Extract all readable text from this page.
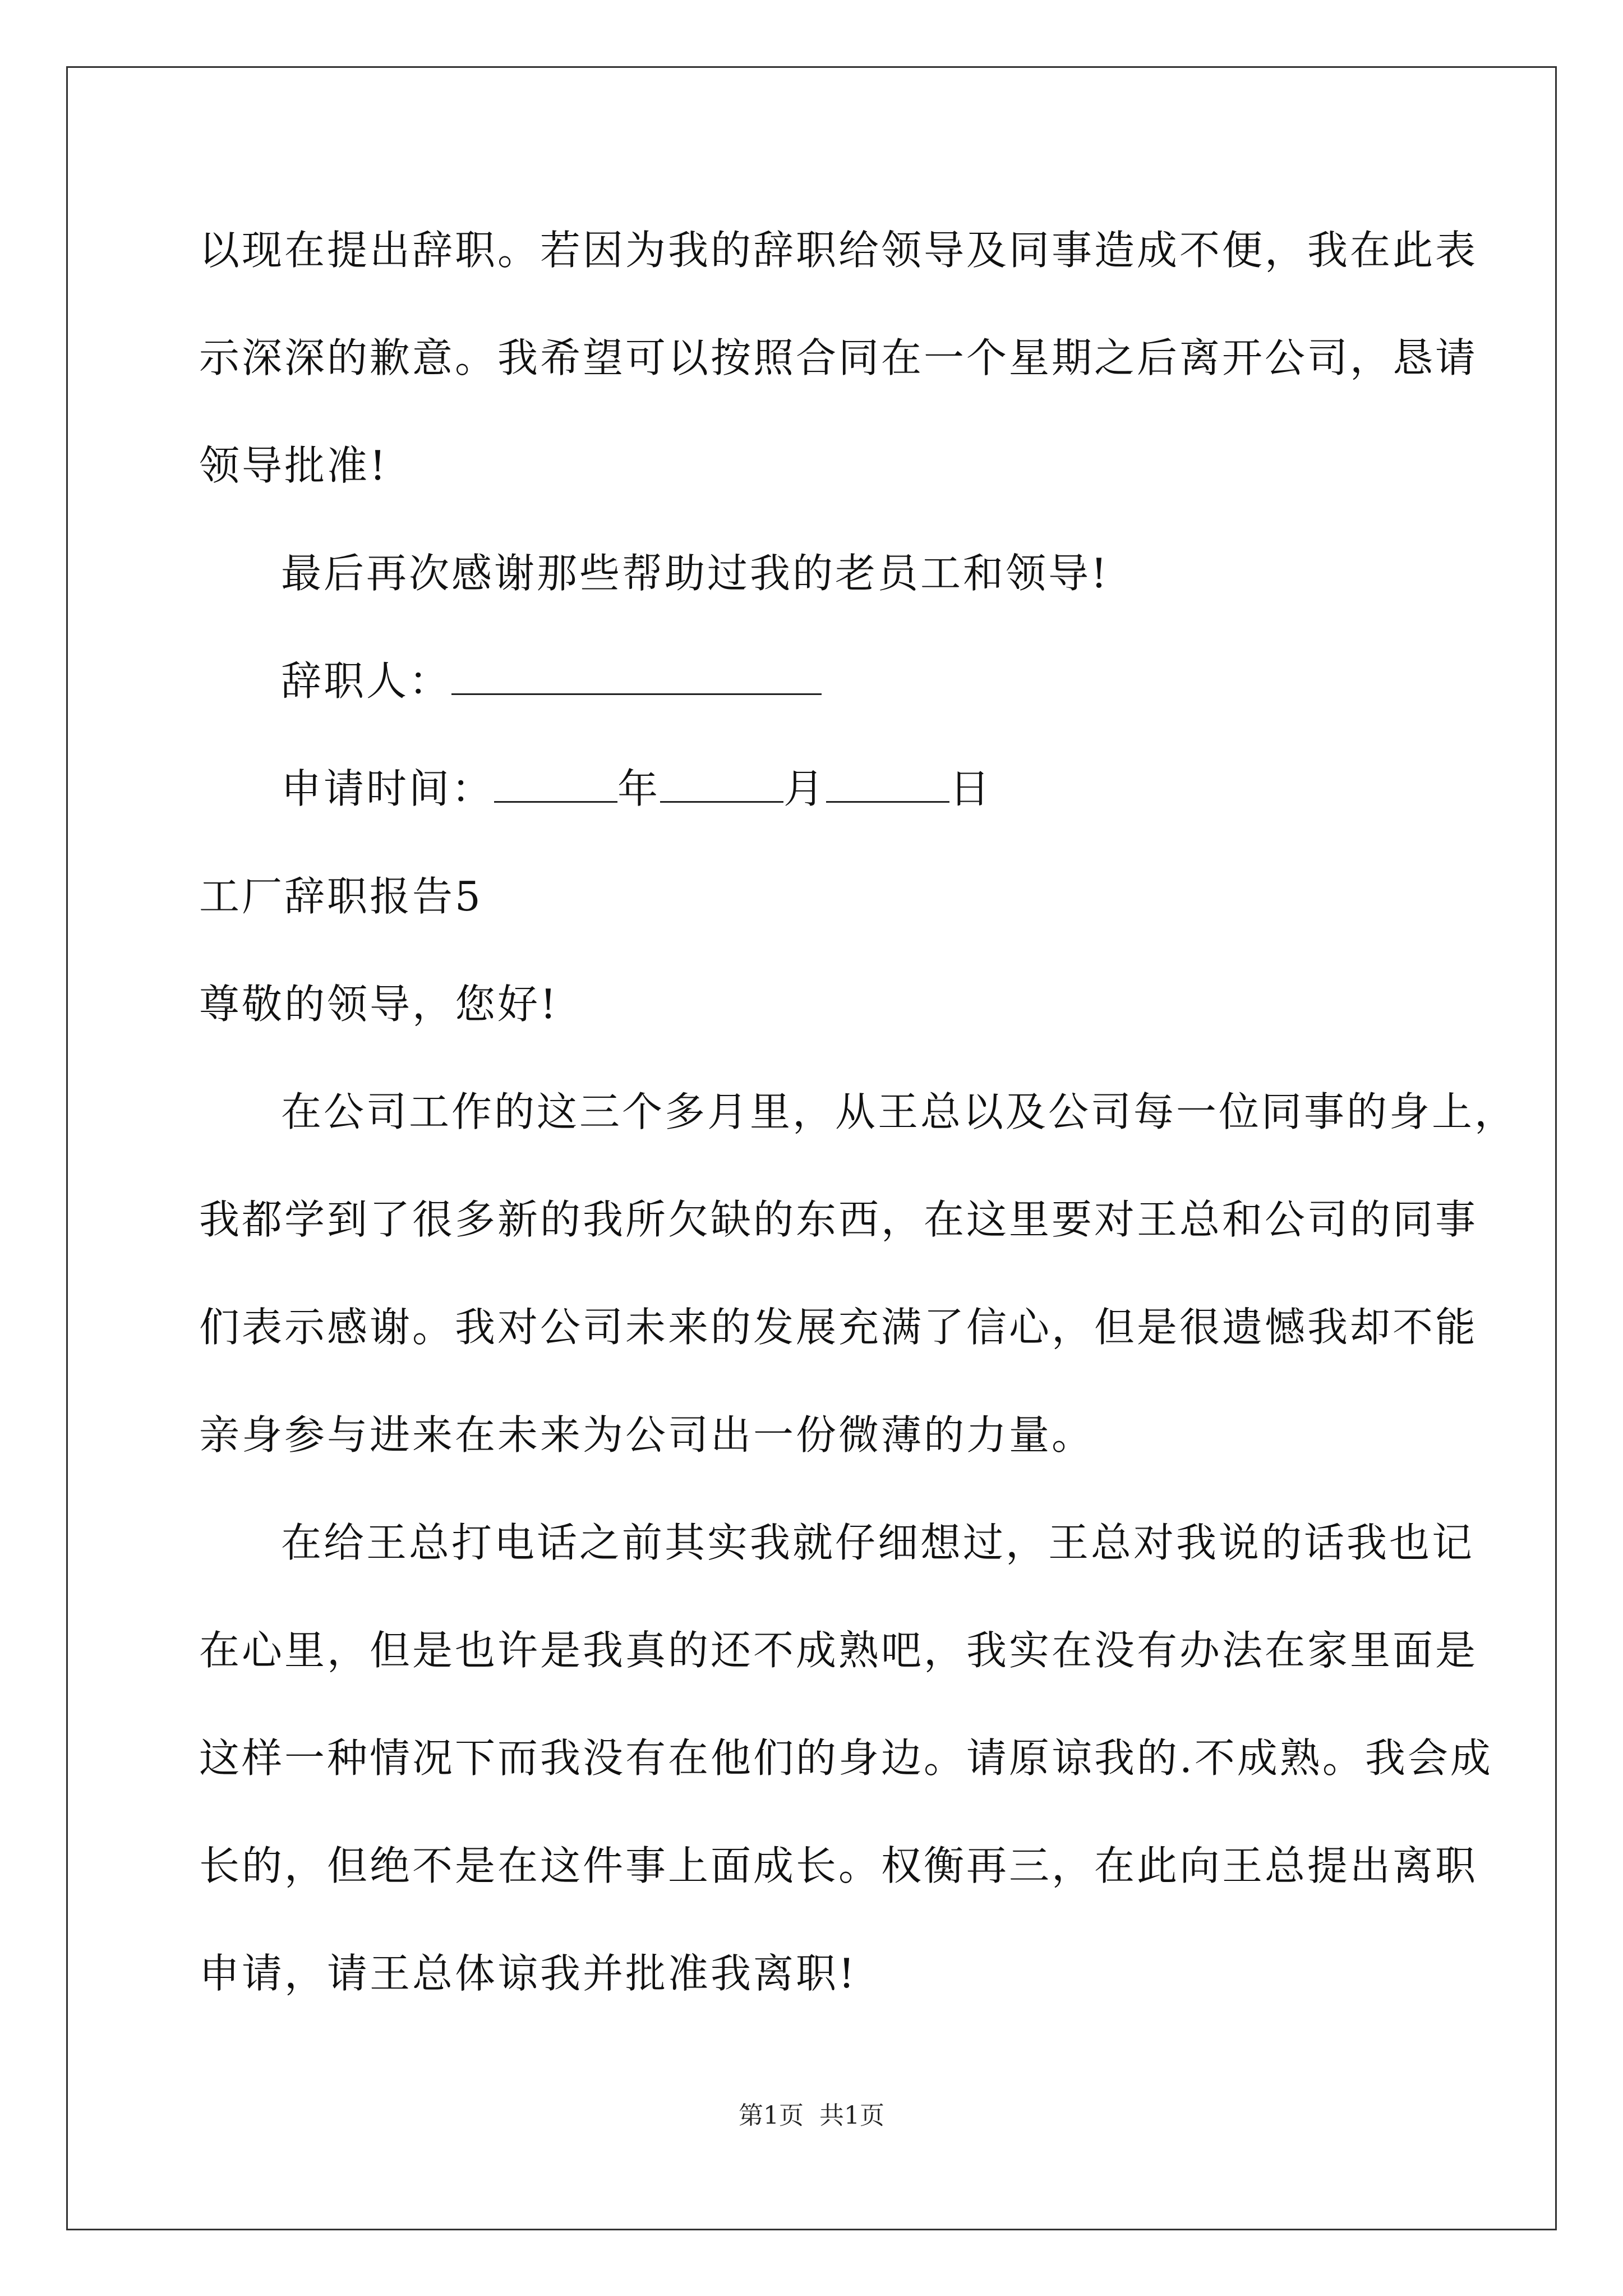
以现在提出辞职。若因为我的辞职给领导及同事造成不便，我在此表
示深深的歉意。我希望可以按照合同在一个星期之后离开公司，恳请
领导批准!
最后再次感谢那些帮助过我的老员工和领导!
辞职人：
申请时间：	年	月	日
工厂辞职报告5
尊敬的领导，您好!
在公司工作的这三个多月里，从王总以及公司每一位同事的身上，
我都学到了很多新的我所欠缺的东西，在这里要对王总和公司的同事
们表示感谢。我对公司未来的发展充满了信心，但是很遗憾我却不能
亲身参与进来在未来为公司出一份微薄的力量。
在给王总打电话之前其实我就仔细想过，王总对我说的话我也记
在心里，但是也许是我真的还不成熟吧，我实在没有办法在家里面是
这样一种情况下而我没有在他们的身边。请原谅我的.不成熟。我会成
长的，但绝不是在这件事上面成长。权衡再三，在此向王总提出离职
申请，请王总体谅我并批准我离职!
第1页 共1页
